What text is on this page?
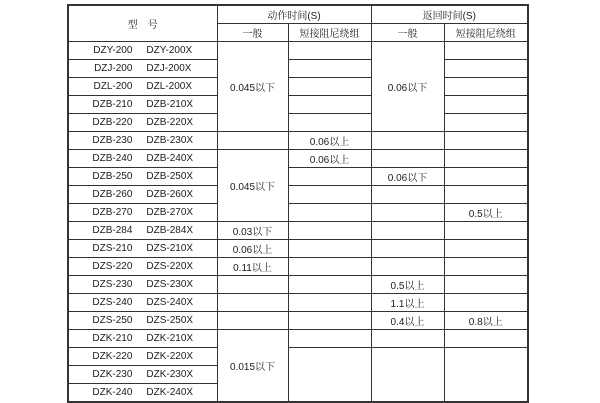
型　号	动作时间(S)		返回时间(S)	
	一般	短接阻尼绕组	一般	短接阻尼绕组

DZY-200 DZY-200X	0.045以下		0.06以下	

DZJ-200 DZJ-200X				

DZL-200 DZL-200X				

DZB-210 DZB-210X				

DZB-220 DZB-220X				

DZB-230 DZB-230X		0.06以上		

DZB-240 DZB-240X	0.045以下	0.06以上		

DZB-250 DZB-250X			0.06以下	

DZB-260 DZB-260X				

DZB-270 DZB-270X				0.5以上

DZB-284 DZB-284X	0.03以下			

DZS-210 DZS-210X	0.06以上			

DZS-220 DZS-220X	0.11以上			

DZS-230 DZS-230X			0.5以上	

DZS-240 DZS-240X			1.1以上	

DZS-250 DZS-250X			0.4以上	0.8以上

DZK-210 DZK-210X	0.015以下			

DZK-220 DZK-220X				

DZK-230 DZK-230X				

DZK-240 DZK-240X				
